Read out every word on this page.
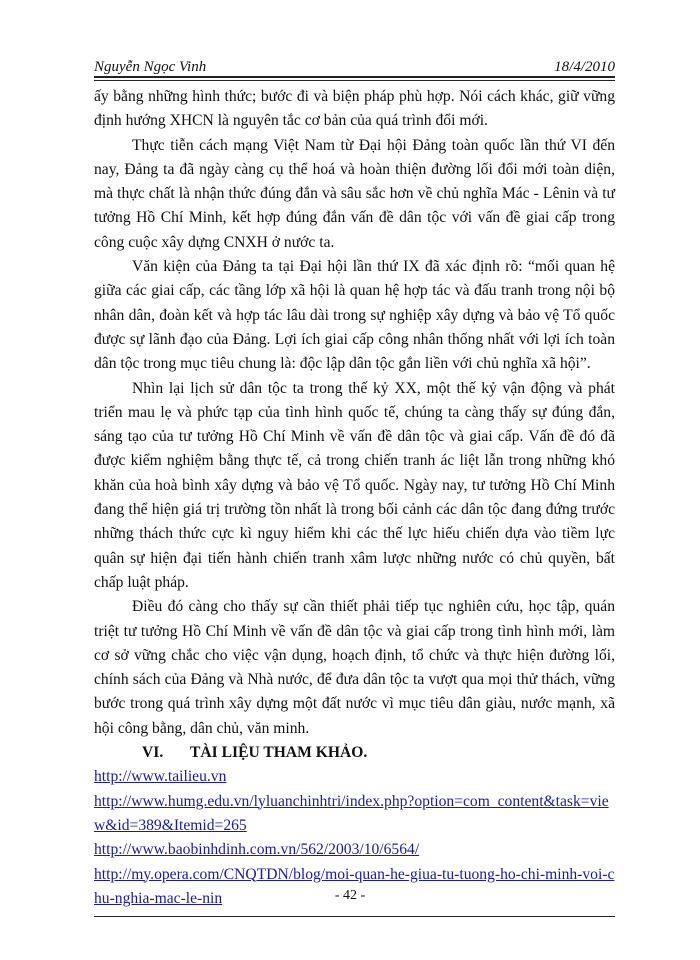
Nguyễn Ngọc Vinh	18/4/2010

ấy bằng những hình thức; bước đi và biện pháp phù hợp. Nói cách khác, giữ vững định hướng XHCN là nguyên tắc cơ bản của quá trình đổi mới.

Thực tiễn cách mạng Việt Nam từ Đại hội Đảng toàn quốc lần thứ VI đến nay, Đảng ta đã ngày càng cụ thể hoá và hoàn thiện đường lối đổi mới toàn diện, mà thực chất là nhận thức đúng đắn và sâu sắc hơn về chủ nghĩa Mác - Lênin và tư tưởng Hồ Chí Minh, kết hợp đúng đắn vấn đề dân tộc với vấn đề giai cấp trong công cuộc xây dựng CNXH ở nước ta.

Văn kiện của Đảng ta tại Đại hội lần thứ IX đã xác định rõ: “mối quan hệ giữa các giai cấp, các tầng lớp xã hội là quan hệ hợp tác và đấu tranh trong nội bộ nhân dân, đoàn kết và hợp tác lâu dài trong sự nghiệp xây dựng và bảo vệ Tổ quốc được sự lãnh đạo của Đảng. Lợi ích giai cấp công nhân thống nhất với lợi ích toàn dân tộc trong mục tiêu chung là: độc lập dân tộc gắn liền với chủ nghĩa xã hội”.

Nhìn lại lịch sử dân tộc ta trong thế kỷ XX, một thế kỷ vận động và phát triển mau lẹ và phức tạp của tình hình quốc tế, chúng ta càng thấy sự đúng đắn, sáng tạo của tư tưởng Hồ Chí Minh về vấn đề dân tộc và giai cấp. Vấn đề đó đã được kiểm nghiệm bằng thực tế, cả trong chiến tranh ác liệt lẫn trong những khó khăn của hoà bình xây dựng và bảo vệ Tổ quốc. Ngày nay, tư tưởng Hồ Chí Minh đang thể hiện giá trị trường tồn nhất là trong bối cảnh các dân tộc đang đứng trước những thách thức cực kì nguy hiểm khi các thế lực hiếu chiến dựa vào tiềm lực quân sự hiện đại tiến hành chiến tranh xâm lược những nước có chủ quyền, bất chấp luật pháp.

Điều đó càng cho thấy sự cần thiết phải tiếp tục nghiên cứu, học tập, quán triệt tư tưởng Hồ Chí Minh về vấn đề dân tộc và giai cấp trong tình hình mới, làm cơ sở vững chắc cho việc vận dụng, hoạch định, tổ chức và thực hiện đường lối, chính sách của Đảng và Nhà nước, để đưa dân tộc ta vượt qua mọi thử thách, vững bước trong quá trình xây dựng một đất nước vì mục tiêu dân giàu, nước mạnh, xã hội công bằng, dân chủ, văn minh.

VI. TÀI LIỆU THAM KHẢO.

http://www.tailieu.vn
http://www.humg.edu.vn/lyluanchinhtri/index.php?option=com_content&task=view&id=389&Itemid=265
http://www.baobinhdinh.com.vn/562/2003/10/6564/
http://my.opera.com/CNQTDN/blog/moi-quan-he-giua-tu-tuong-ho-chi-minh-voi-chu-nghia-mac-le-nin	- 42 -
